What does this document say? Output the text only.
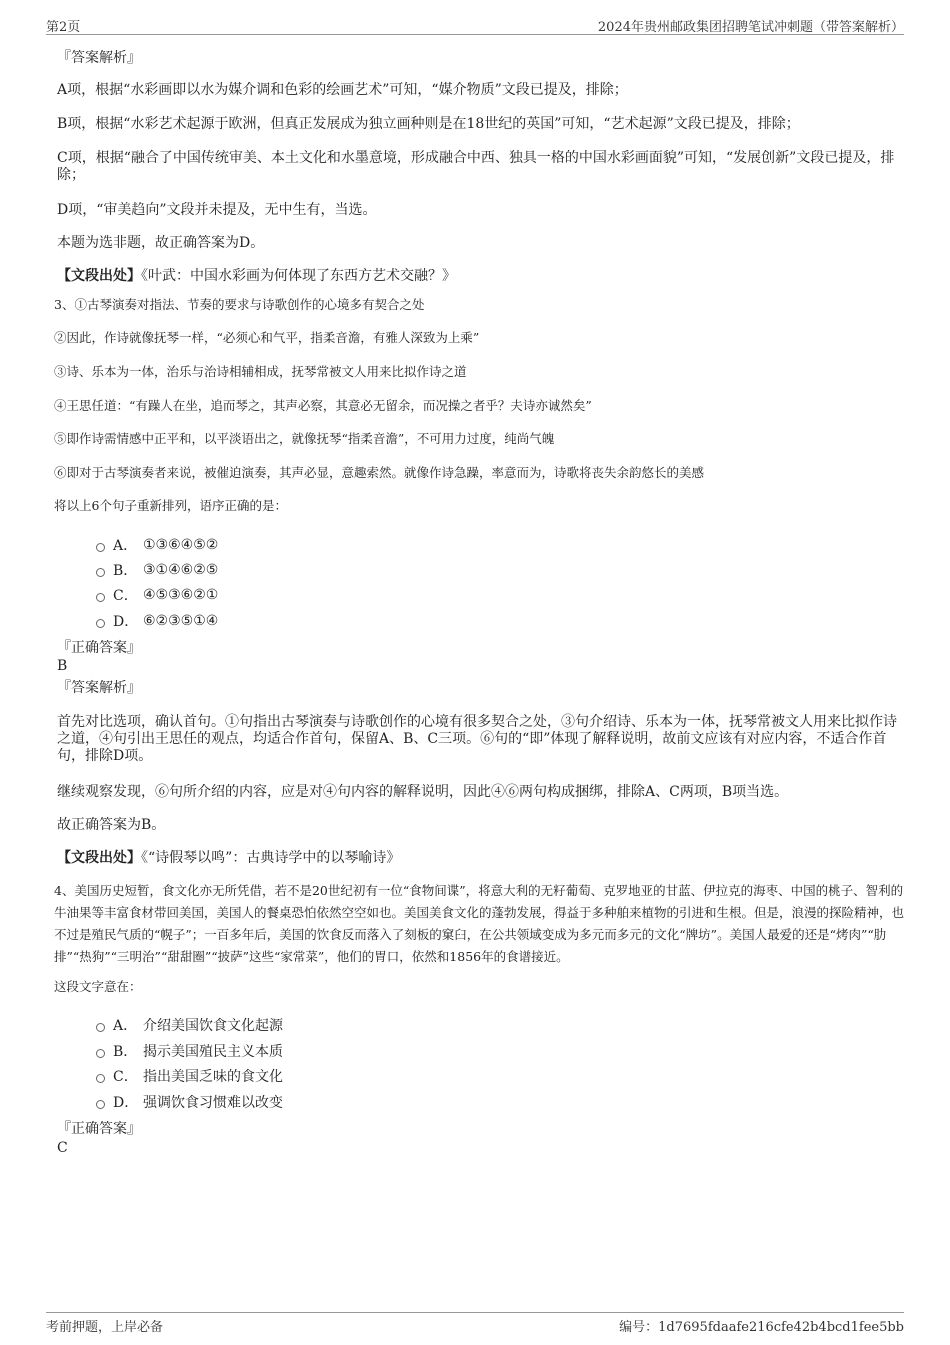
第2页	2024年贵州邮政集团招聘笔试冲刺题（带答案解析）
『答案解析』
A项，根据“水彩画即以水为媒介调和色彩的绘画艺术”可知，“媒介物质”文段已提及，排除；
B项，根据“水彩艺术起源于欧洲，但真正发展成为独立画种则是在18世纪的英国”可知，“艺术起源”文段已提及，排除；
C项，根据“融合了中国传统审美、本土文化和水墨意境，形成融合中西、独具一格的中国水彩画面貌”可知，“发展创新”文段已提及，排除；
D项，“审美趋向”文段并未提及，无中生有，当选。
本题为选非题，故正确答案为D。
【文段出处】《叶武：中国水彩画为何体现了东西方艺术交融？》
3、①古琴演奏对指法、节奏的要求与诗歌创作的心境多有契合之处
②因此，作诗就像抚琴一样，“必须心和气平，指柔音澹，有雅人深致为上乘”
③诗、乐本为一体，治乐与治诗相辅相成，抚琴常被文人用来比拟作诗之道
④王思任道：“有躁人在坐，追而琴之，其声必察，其意必无留余，而况操之者乎？夫诗亦诚然矣”
⑤即作诗需情感中正平和，以平淡语出之，就像抚琴“指柔音澹”，不可用力过度，纯尚气魄
⑥即对于古琴演奏者来说，被催迫演奏，其声必显，意趣索然。就像作诗急躁，率意而为，诗歌将丧失余韵悠长的美感
将以上6个句子重新排列，语序正确的是：
A． ①③⑥④⑤②
B． ③①④⑥②⑤
C． ④⑤③⑥②①
D． ⑥②③⑤①④
『正确答案』
B
『答案解析』
首先对比选项，确认首句。①句指出古琴演奏与诗歌创作的心境有很多契合之处，③句介绍诗、乐本为一体，抚琴常被文人用来比拟作诗之道，④句引出王思任的观点，均适合作首句，保留A、B、C三项。⑥句的“即”体现了解释说明，故前文应该有对应内容，不适合作首句，排除D项。
继续观察发现，⑥句所介绍的内容，应是对④句内容的解释说明，因此④⑥两句构成捆绑，排除A、C两项，B项当选。
故正确答案为B。
【文段出处】《“诗假琴以鸣”：古典诗学中的以琴喻诗》
4、美国历史短暂，食文化亦无所凭借，若不是20世纪初有一位“食物间谍”，将意大利的无籽葡萄、克罗地亚的甘蓝、伊拉克的海枣、中国的桃子、智利的牛油果等丰富食材带回美国，美国人的餐桌恐怕依然空空如也。美国美食文化的蓬勃发展，得益于多种舶来植物的引进和生根。但是，浪漫的探险精神，也不过是殖民气质的“幌子”；一百多年后，美国的饮食反而落入了刻板的窠臼，在公共领域变成为多元而多元的文化“牌坊”。美国人最爱的还是“烤肉”“肋排”“热狗”“三明治”“甜甜圈”“披萨”这些“家常菜”，他们的胃口，依然和1856年的食谱接近。
这段文字意在：
A． 介绍美国饮食文化起源
B． 揭示美国殖民主义本质
C． 指出美国乏味的食文化
D． 强调饮食习惯难以改变
『正确答案』
C
考前押题，上岸必备	编号：1d7695fdaafe216cfe42b4bcd1fee5bb
